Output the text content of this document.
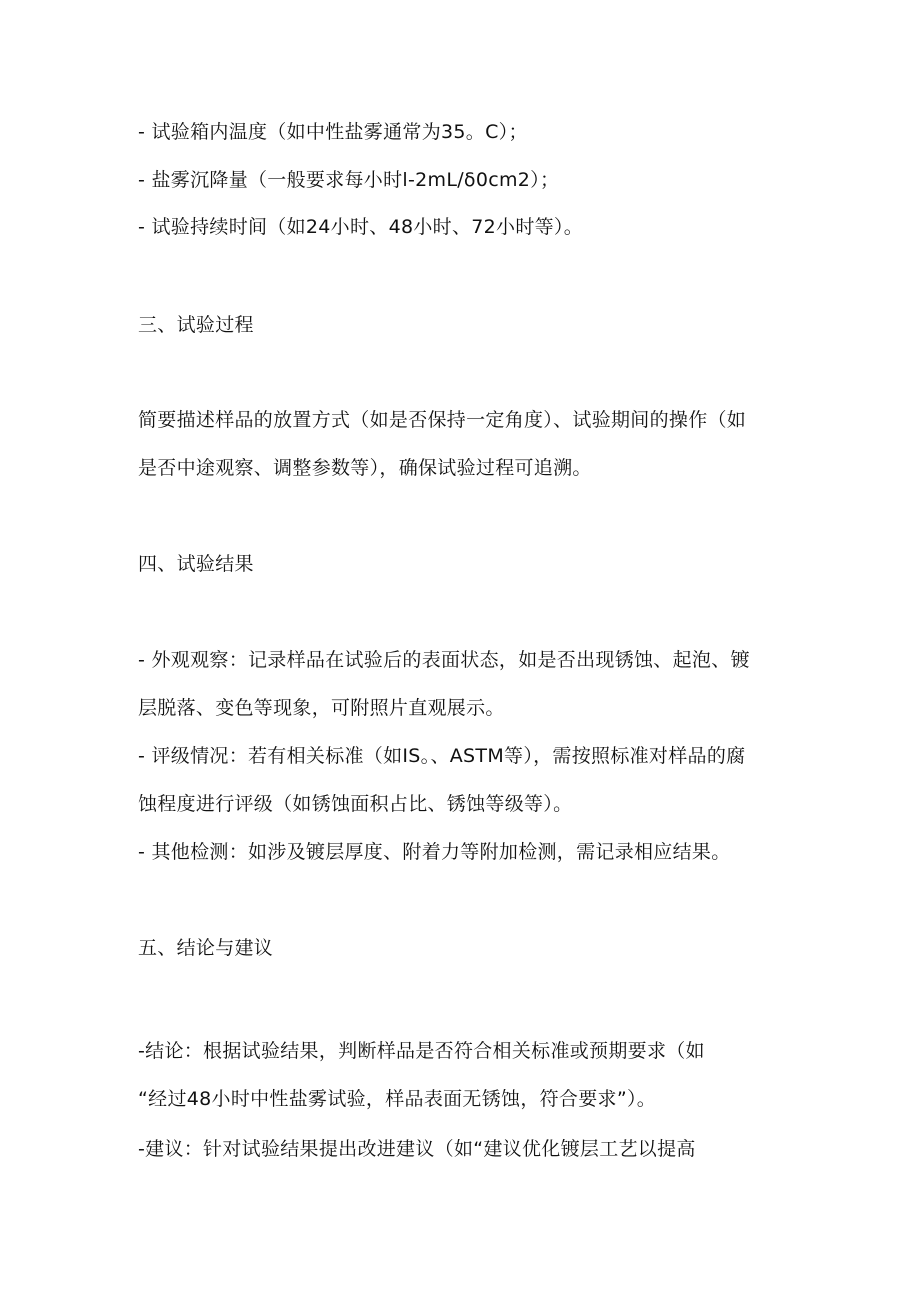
- 试验箱内温度（如中性盐雾通常为35。C）；
- 盐雾沉降量（一般要求每小时l-2mL∕δ0cm2）；
- 试验持续时间（如24小时、48小时、72小时等）。
三、试验过程
简要描述样品的放置方式（如是否保持一定角度）、试验期间的操作（如
是否中途观察、调整参数等），确保试验过程可追溯。
四、试验结果
- 外观观察：记录样品在试验后的表面状态，如是否出现锈蚀、起泡、镀
层脱落、变色等现象，可附照片直观展示。
- 评级情况：若有相关标准（如IS。、ASTM等），需按照标准对样品的腐
蚀程度进行评级（如锈蚀面积占比、锈蚀等级等）。
- 其他检测：如涉及镀层厚度、附着力等附加检测，需记录相应结果。
五、结论与建议
-结论：根据试验结果，判断样品是否符合相关标准或预期要求（如
“经过48小时中性盐雾试验，样品表面无锈蚀，符合要求”）。
-建议：针对试验结果提出改进建议（如“建议优化镀层工艺以提高
